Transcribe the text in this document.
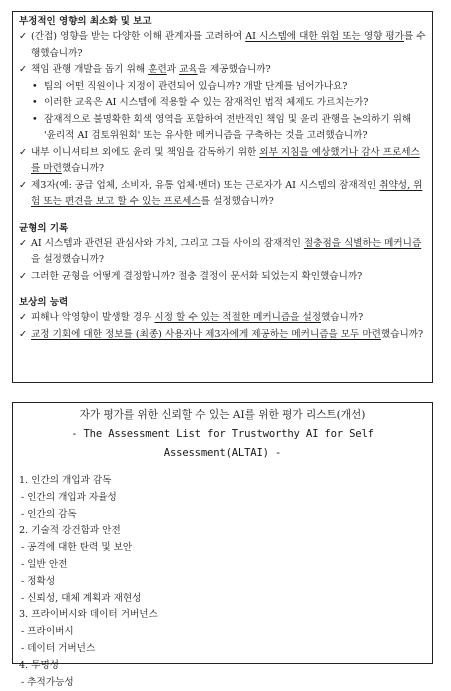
부정적인 영향의 최소화 및 보고
✓ (간접) 영향을 받는 다양한 이해 관계자를 고려하여 AI 시스템에 대한 위험 또는 영향 평가를 수행했습니까?
✓ 책임 관행 개발을 돕기 위해 훈련과 교육을 제공했습니까?
• 팀의 어떤 직원이나 지정이 관련되어 있습니까? 개발 단계를 넘어가나요?
• 이러한 교육은 AI 시스템에 적용할 수 있는 잠재적인 법적 체제도 가르치는가?
• 잠재적으로 불명확한 회색 영역을 포함하여 전반적인 책임 및 윤리 관행을 논의하기 위해 '윤리적 AI 검토위원회' 또는 유사한 메커니즘을 구축하는 것을 고려했습니까?
✓ 내부 이니셔티브 외에도 윤리 및 책임을 감독하기 위한 외부 지침을 예상했거나 감사 프로세스를 마련했습니까?
✓ 제3자(예: 공급 업체, 소비자, 유통 업체·벤더) 또는 근로자가 AI 시스템의 잠재적인 취약성, 위험 또는 편견을 보고 할 수 있는 프로세스를 설정했습니까?
균형의 기록
✓ AI 시스템과 관련된 관심사와 가치, 그리고 그들 사이의 잠재적인 절충점을 식별하는 메커니즘을 설정했습니까?
✓ 그러한 균형을 어떻게 결정합니까? 절충 결정이 문서화 되었는지 확인했습니까?
보상의 능력
✓ 피해나 악영향이 발생할 경우 시정 할 수 있는 적절한 메커니즘을 설정했습니까?
✓ 교정 기회에 대한 정보를 (최종) 사용자나 제3자에게 제공하는 메커니즘을 모두 마련했습니까?
자가 평가를 위한 신뢰할 수 있는 AI를 위한 평가 리스트(개선)
- The Assessment List for Trustworthy AI for Self Assessment(ALTAI) -
1. 인간의 개입과 감독
- 인간의 개입과 자율성
- 인간의 감독
2. 기술적 강건함과 안전
- 공격에 대한 탄력 및 보안
- 일반 안전
- 정확성
- 신뢰성, 대체 계획과 재현성
3. 프라이버시와 데이터 거버넌스
- 프라이버시
- 데이터 거버넌스
4. 투명성
- 추적가능성
